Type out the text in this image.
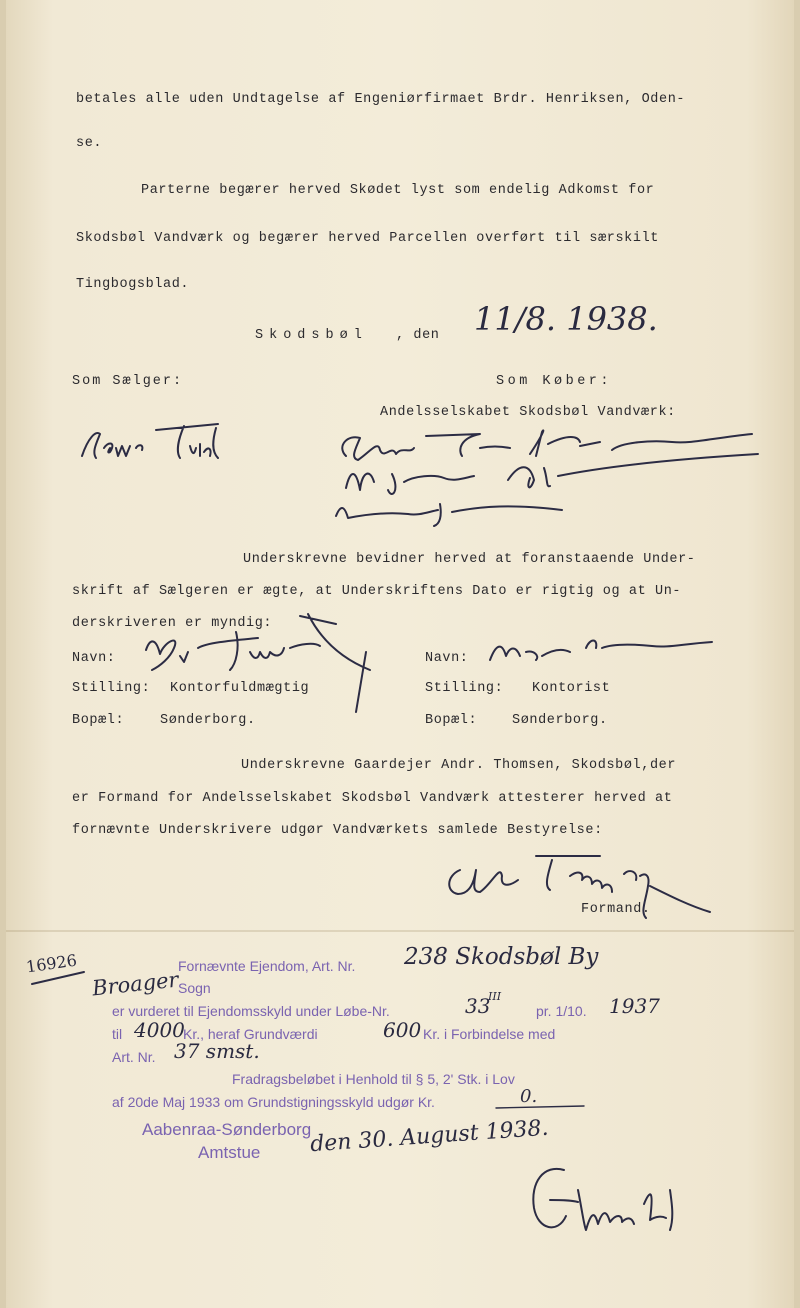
betales alle uden Undtagelse af Engeniørfirmaet Brdr. Henriksen, Oden-
se.
Parterne begærer herved Skødet lyst som endelig Adkomst for
Skodsbøl Vandværk og begærer herved Parcellen overført til særskilt
Tingbogsblad.
Skodsbøl , den 11/8. 1938.
Som Sælger:	Som Køber:
Andelsselskabet Skodsbøl Vandværk:
Underskrevne bevidner herved at foranstaaende Under-
skrift af Sælgeren er ægte, at Underskriftens Dato er rigtig og at Un-
derskriveren er myndig:
Navn:	Navn:
Stilling: Kontorfuldmægtig	Stilling: Kontorist
Bopæl:	Sønderborg.	Bopæl:	Sønderborg.
Underskrevne Gaardejer Andr. Thomsen, Skodsbøl,der
er Formand for Andelsselskabet Skodsbøl Vandværk attesterer herved at
fornævnte Underskrivere udgør Vandværkets samlede Bestyrelse:
Formand.
16926	Fornævnte Ejendom, Art. Nr. 238 Skodsbøl By
Broager
Sogn
er vurderet til Ejendomsskyld under Løbe-Nr.	33
III
pr. 1/10. 1937
til 4000
Kr., heraf Grundværdi	600 Kr. i Forbindelse med
Art. Nr. 37 smst.
Fradragsbeløbet i Henhold til § 5, 2' Stk. i Lov
af 20de Maj 1933 om Grundstigningsskyld udgør Kr.	0.
Aabenraa-Sønderborg
Amtstue den 30. August 1938.
